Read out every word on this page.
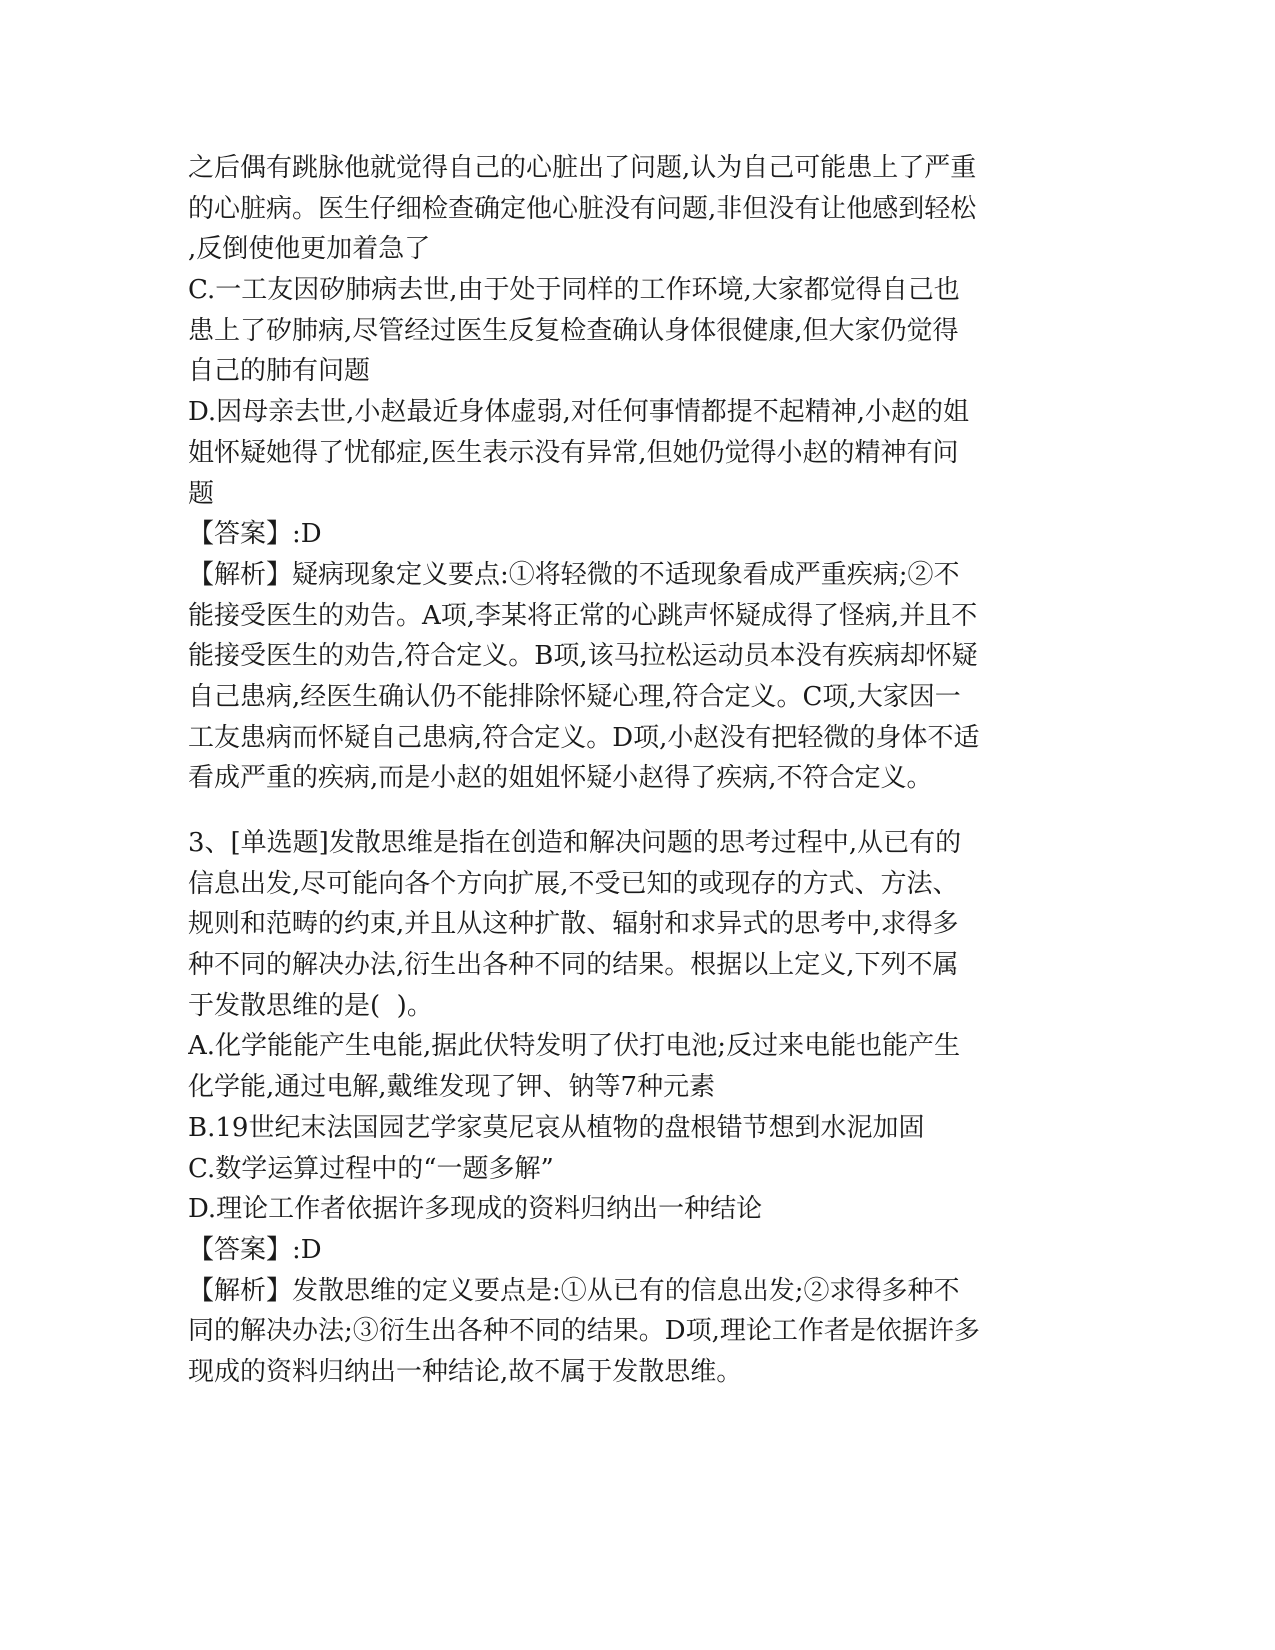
之后偶有跳脉他就觉得自己的心脏出了问题,认为自己可能患上了严重
的心脏病。医生仔细检查确定他心脏没有问题,非但没有让他感到轻松
,反倒使他更加着急了
C.一工友因矽肺病去世,由于处于同样的工作环境,大家都觉得自己也
患上了矽肺病,尽管经过医生反复检查确认身体很健康,但大家仍觉得
自己的肺有问题
D.因母亲去世,小赵最近身体虚弱,对任何事情都提不起精神,小赵的姐
姐怀疑她得了忧郁症,医生表示没有异常,但她仍觉得小赵的精神有问
题
【答案】:D
【解析】疑病现象定义要点:①将轻微的不适现象看成严重疾病;②不
能接受医生的劝告。A项,李某将正常的心跳声怀疑成得了怪病,并且不
能接受医生的劝告,符合定义。B项,该马拉松运动员本没有疾病却怀疑
自己患病,经医生确认仍不能排除怀疑心理,符合定义。C项,大家因一
工友患病而怀疑自己患病,符合定义。D项,小赵没有把轻微的身体不适
看成严重的疾病,而是小赵的姐姐怀疑小赵得了疾病,不符合定义。
3、[单选题]发散思维是指在创造和解决问题的思考过程中,从已有的
信息出发,尽可能向各个方向扩展,不受已知的或现存的方式、方法、
规则和范畴的约束,并且从这种扩散、辐射和求异式的思考中,求得多
种不同的解决办法,衍生出各种不同的结果。根据以上定义,下列不属
于发散思维的是(  )。
A.化学能能产生电能,据此伏特发明了伏打电池;反过来电能也能产生
化学能,通过电解,戴维发现了钾、钠等7种元素
B.19世纪末法国园艺学家莫尼哀从植物的盘根错节想到水泥加固
C.数学运算过程中的“一题多解”
D.理论工作者依据许多现成的资料归纳出一种结论
【答案】:D
【解析】发散思维的定义要点是:①从已有的信息出发;②求得多种不
同的解决办法;③衍生出各种不同的结果。D项,理论工作者是依据许多
现成的资料归纳出一种结论,故不属于发散思维。
